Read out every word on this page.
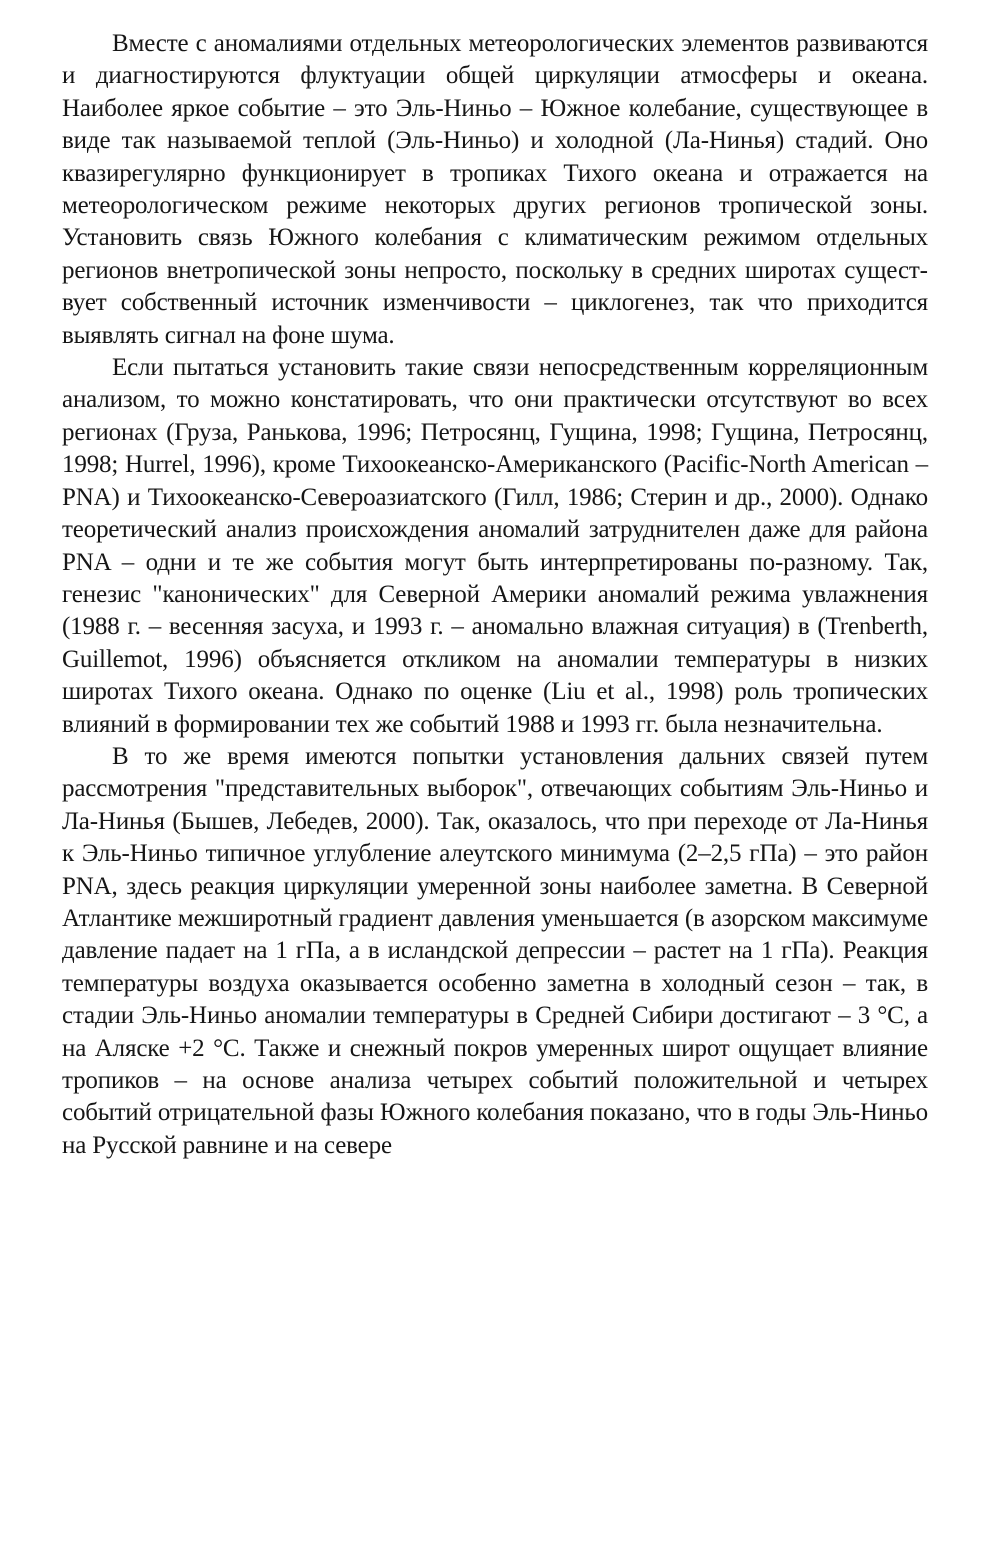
Вместе с аномалиями отдельных метеорологических элементов развиваются и диагностируются флуктуации общей циркуляции атмосферы и океана. Наиболее яркое событие – это Эль-Ниньо – Южное колебание, существующее в виде так называемой теплой (Эль-Ниньо) и холодной (Ла-Нинья) стадий. Оно квазирегулярно функционирует в тропиках Тихого океана и отражается на метеорологическом режиме некоторых других регионов тропической зоны. Установить связь Южного колебания с климатическим режимом отдельных регионов внетропической зоны непросто, поскольку в средних широтах существует собственный источник изменчивости – циклогенез, так что приходится выявлять сигнал на фоне шума.

Если пытаться установить такие связи непосредственным корреляционным анализом, то можно констатировать, что они практически отсутствуют во всех регионах (Груза, Ранькова, 1996; Петросянц, Гущина, 1998; Гущина, Петросянц, 1998; Hurrel, 1996), кроме Тихоокеанско-Американского (Pacific-North American – PNA) и Тихоокеанско-Североазиатского (Гилл, 1986; Стерин и др., 2000). Однако теоретический анализ происхождения аномалий затруднителен даже для района PNA – одни и те же события могут быть интерпретированы по-разному. Так, генезис "канонических" для Северной Америки аномалий режима увлажнения (1988 г. – весенняя засуха, и 1993 г. – аномально влажная ситуация) в (Trenberth, Guillemot, 1996) объясняется откликом на аномалии температуры в низких широтах Тихого океана. Однако по оценке (Liu et al., 1998) роль тропических влияний в формировании тех же событий 1988 и 1993 гг. была незначительна.

В то же время имеются попытки установления дальних связей путем рассмотрения "представительных выборок", отвечающих событиям Эль-Ниньо и Ла-Нинья (Бышев, Лебедев, 2000). Так, оказалось, что при переходе от Ла-Нинья к Эль-Ниньо типичное углубление алеутского минимума (2–2,5 гПа) – это район PNA, здесь реакция циркуляции умеренной зоны наиболее заметна. В Северной Атлантике межширотный градиент давления уменьшается (в азорском максимуме давление падает на 1 гПа, а в исландской депрессии – растет на 1 гПа). Реакция температуры воздуха оказывается особенно заметна в холодный сезон – так, в стадии Эль-Ниньо аномалии температуры в Средней Сибири достигают – 3 °С, а на Аляске +2 °С. Также и снежный покров умеренных широт ощущает влияние тропиков – на основе анализа четырех событий положительной и четырех событий отрицательной фазы Южного колебания показано, что в годы Эль-Ниньо на Русской равнине и на севере
